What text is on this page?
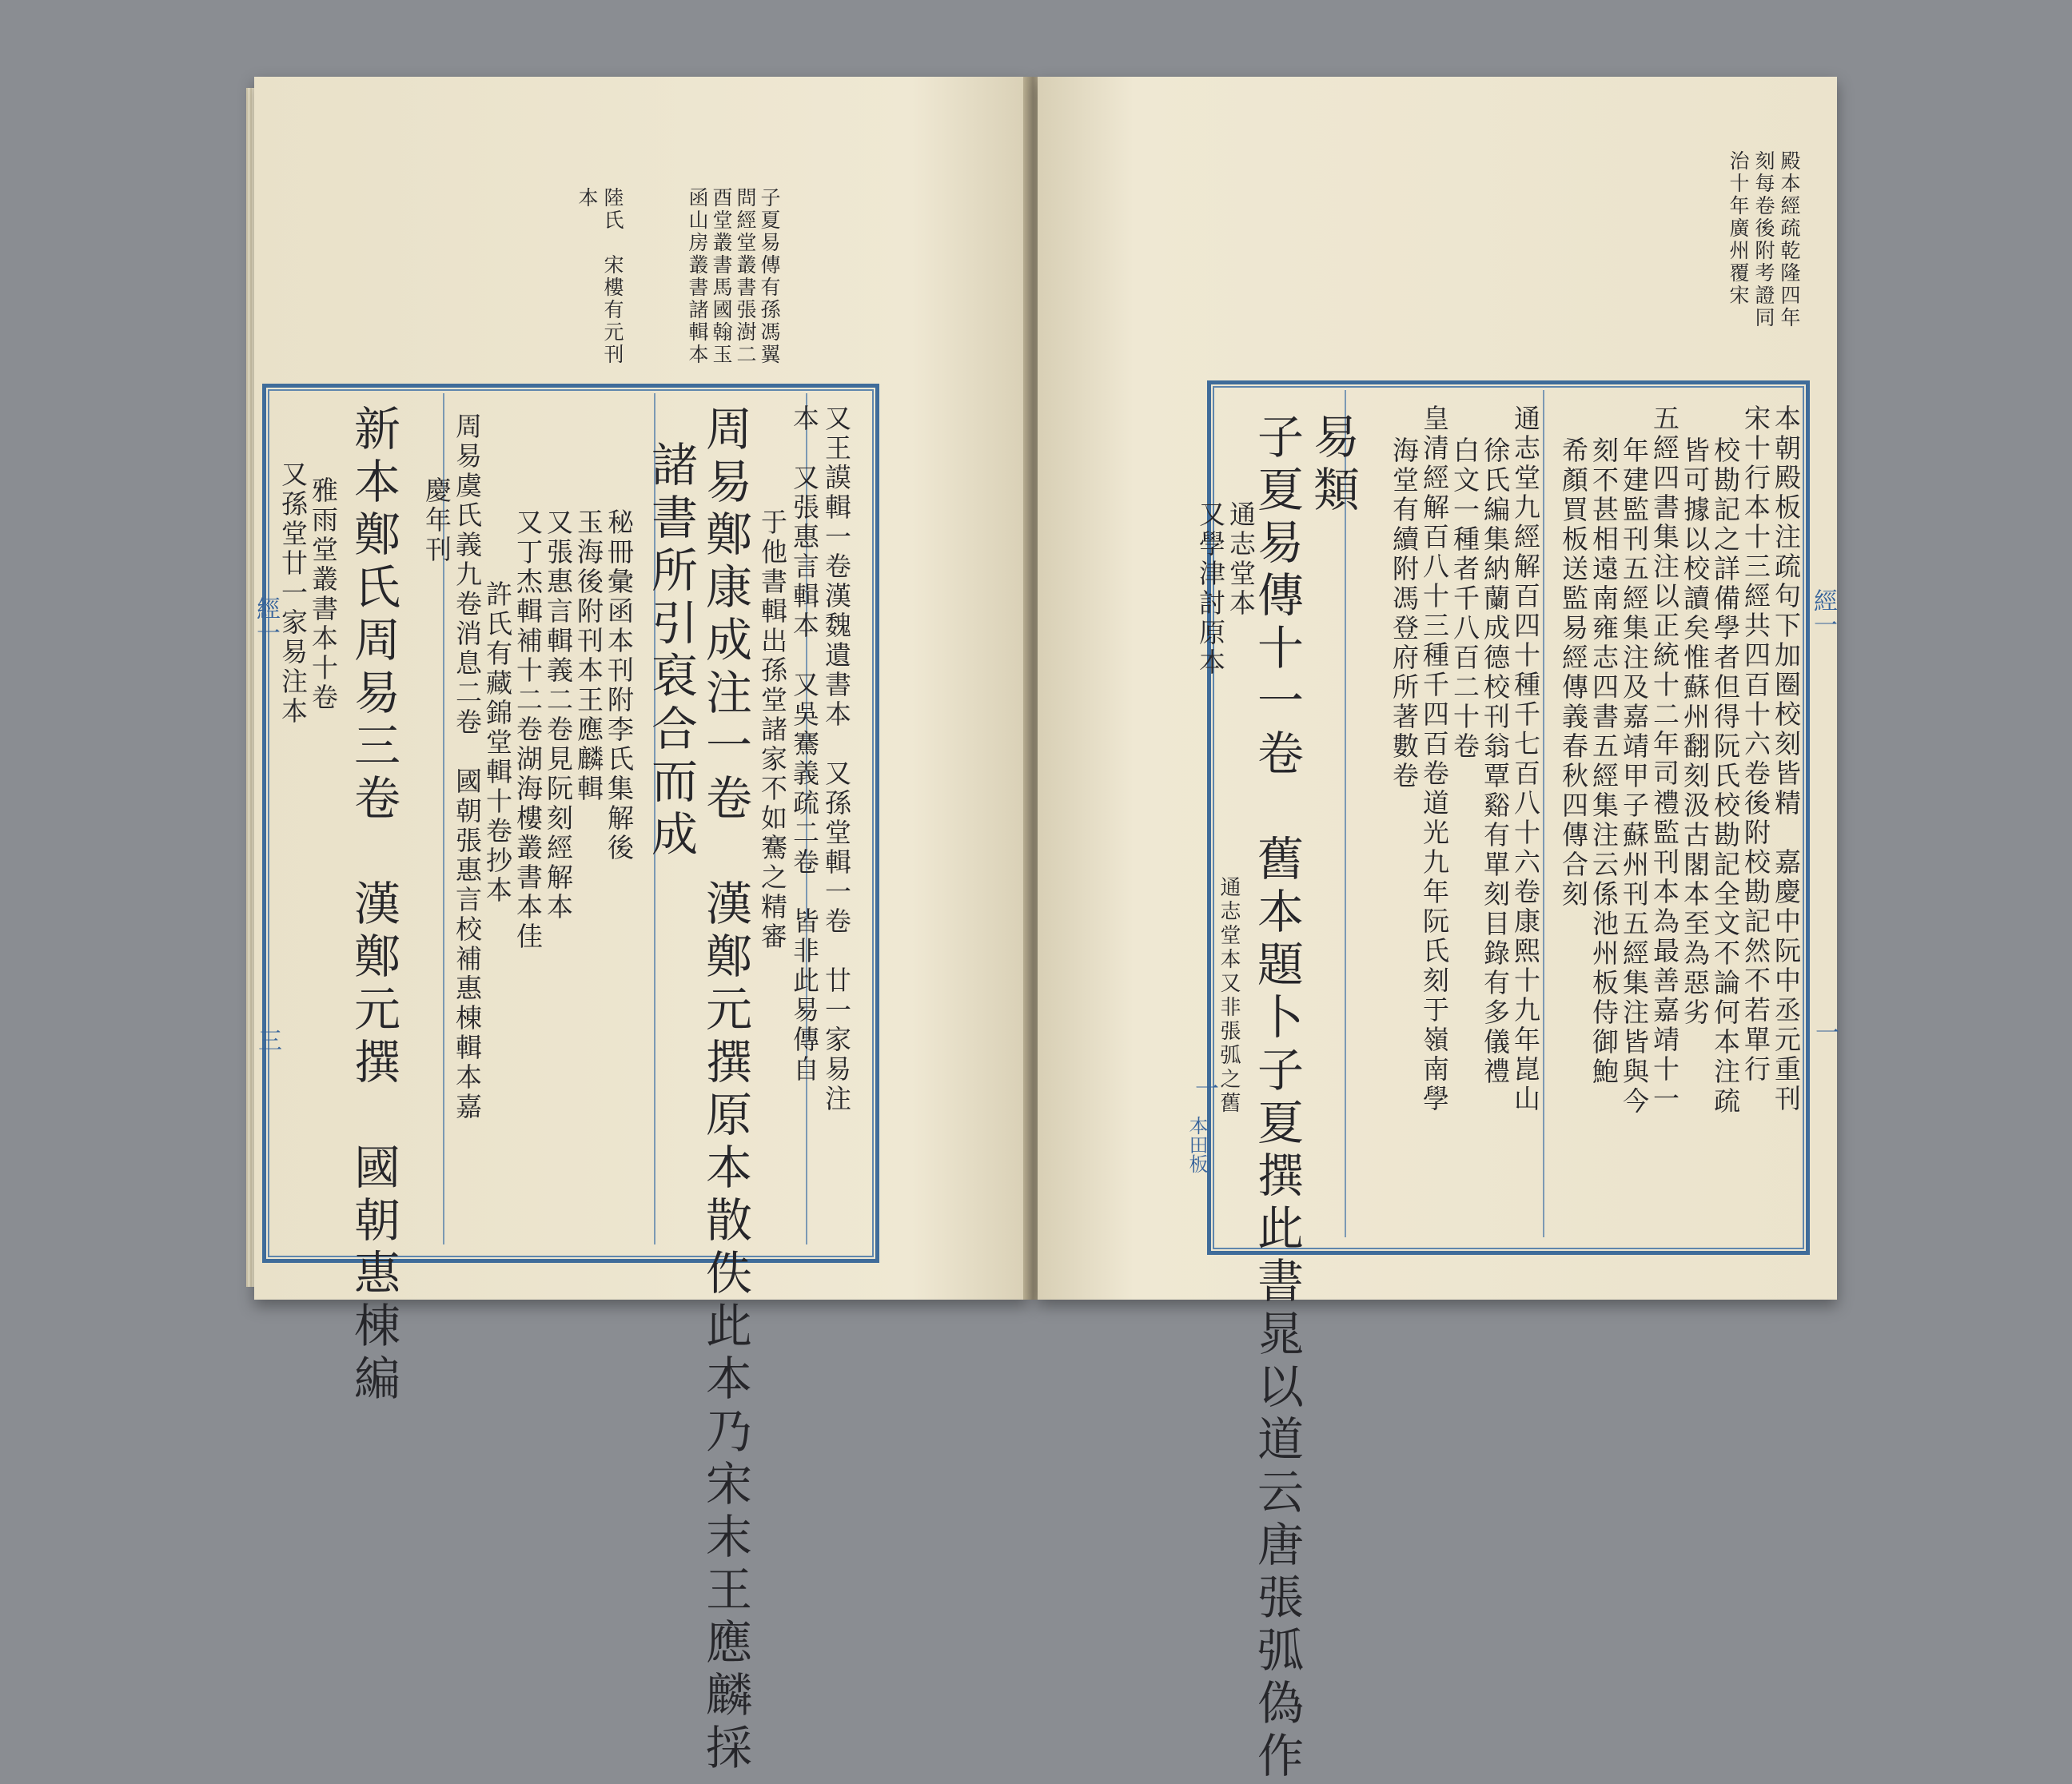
子夏易傳有孫馮翼
問經堂叢書張澍二
酉堂叢書馬國翰玉
函山房叢書諸輯本
陸氏　宋樓有元刊
本
經一
三	又王謨輯一卷漢魏遺書本　又孫堂輯一卷　廿一家易注
本　又張惠言輯本　又吳騫義疏二卷　皆非此易傳自
于他書輯出孫堂諸家不如騫之精審
周易鄭康成注一卷　漢鄭元撰原本散佚此本乃宋末王應麟採
諸書所引裒合而成
秘冊彙函本刊附李氏集解後
玉海後附刊本王應麟輯
又張惠言輯義二卷見阮刻經解本
又丁杰輯補十二卷湖海樓叢書本佳
許氏有藏錦堂輯十卷抄本
周易虞氏義九卷消息二卷　國朝張惠言校補惠棟輯本嘉
慶年刊
新本鄭氏周易三卷　漢鄭元撰　國朝惠棟編
雅雨堂叢書本十卷
又孫堂廿一家易注本
殿本經疏乾隆四年
刻每卷後附考證同
治十年廣州覆宋
經一
一
一
本田板
本朝殿板注疏句下加圈校刻皆精　嘉慶中阮中丞元重刊
宋十行本十三經共四百十六卷後附校勘記然不若單行
校勘記之詳備學者但得阮氏校勘記全文不論何本注疏
皆可據以校讀矣惟蘇州翻刻汲古閣本至為惡劣
五經四書集注以正統十二年司禮監刊本為最善嘉靖十一
年建監刊五經集注及嘉靖甲子蘇州刊五經集注皆與今
刻不甚相遠南雍志四書五經集注云係池州板侍御鮑
希顏買板送監易經傳義春秋四傳合刻
通志堂九經解百四十種千七百八十六卷康熙十九年崑山
徐氏編集納蘭成德校刊翁覃谿有單刻目錄有多儀禮
白文一種者千八百二十卷
皇清經解百八十三種千四百卷道光九年阮氏刻于嶺南學
海堂有續附馮登府所著數卷
易類
子夏易傳十一卷　舊本題卜子夏撰此書晁以道云唐張弧偽作
通志堂本又非張弧之舊
通志堂本
又學津討原本
